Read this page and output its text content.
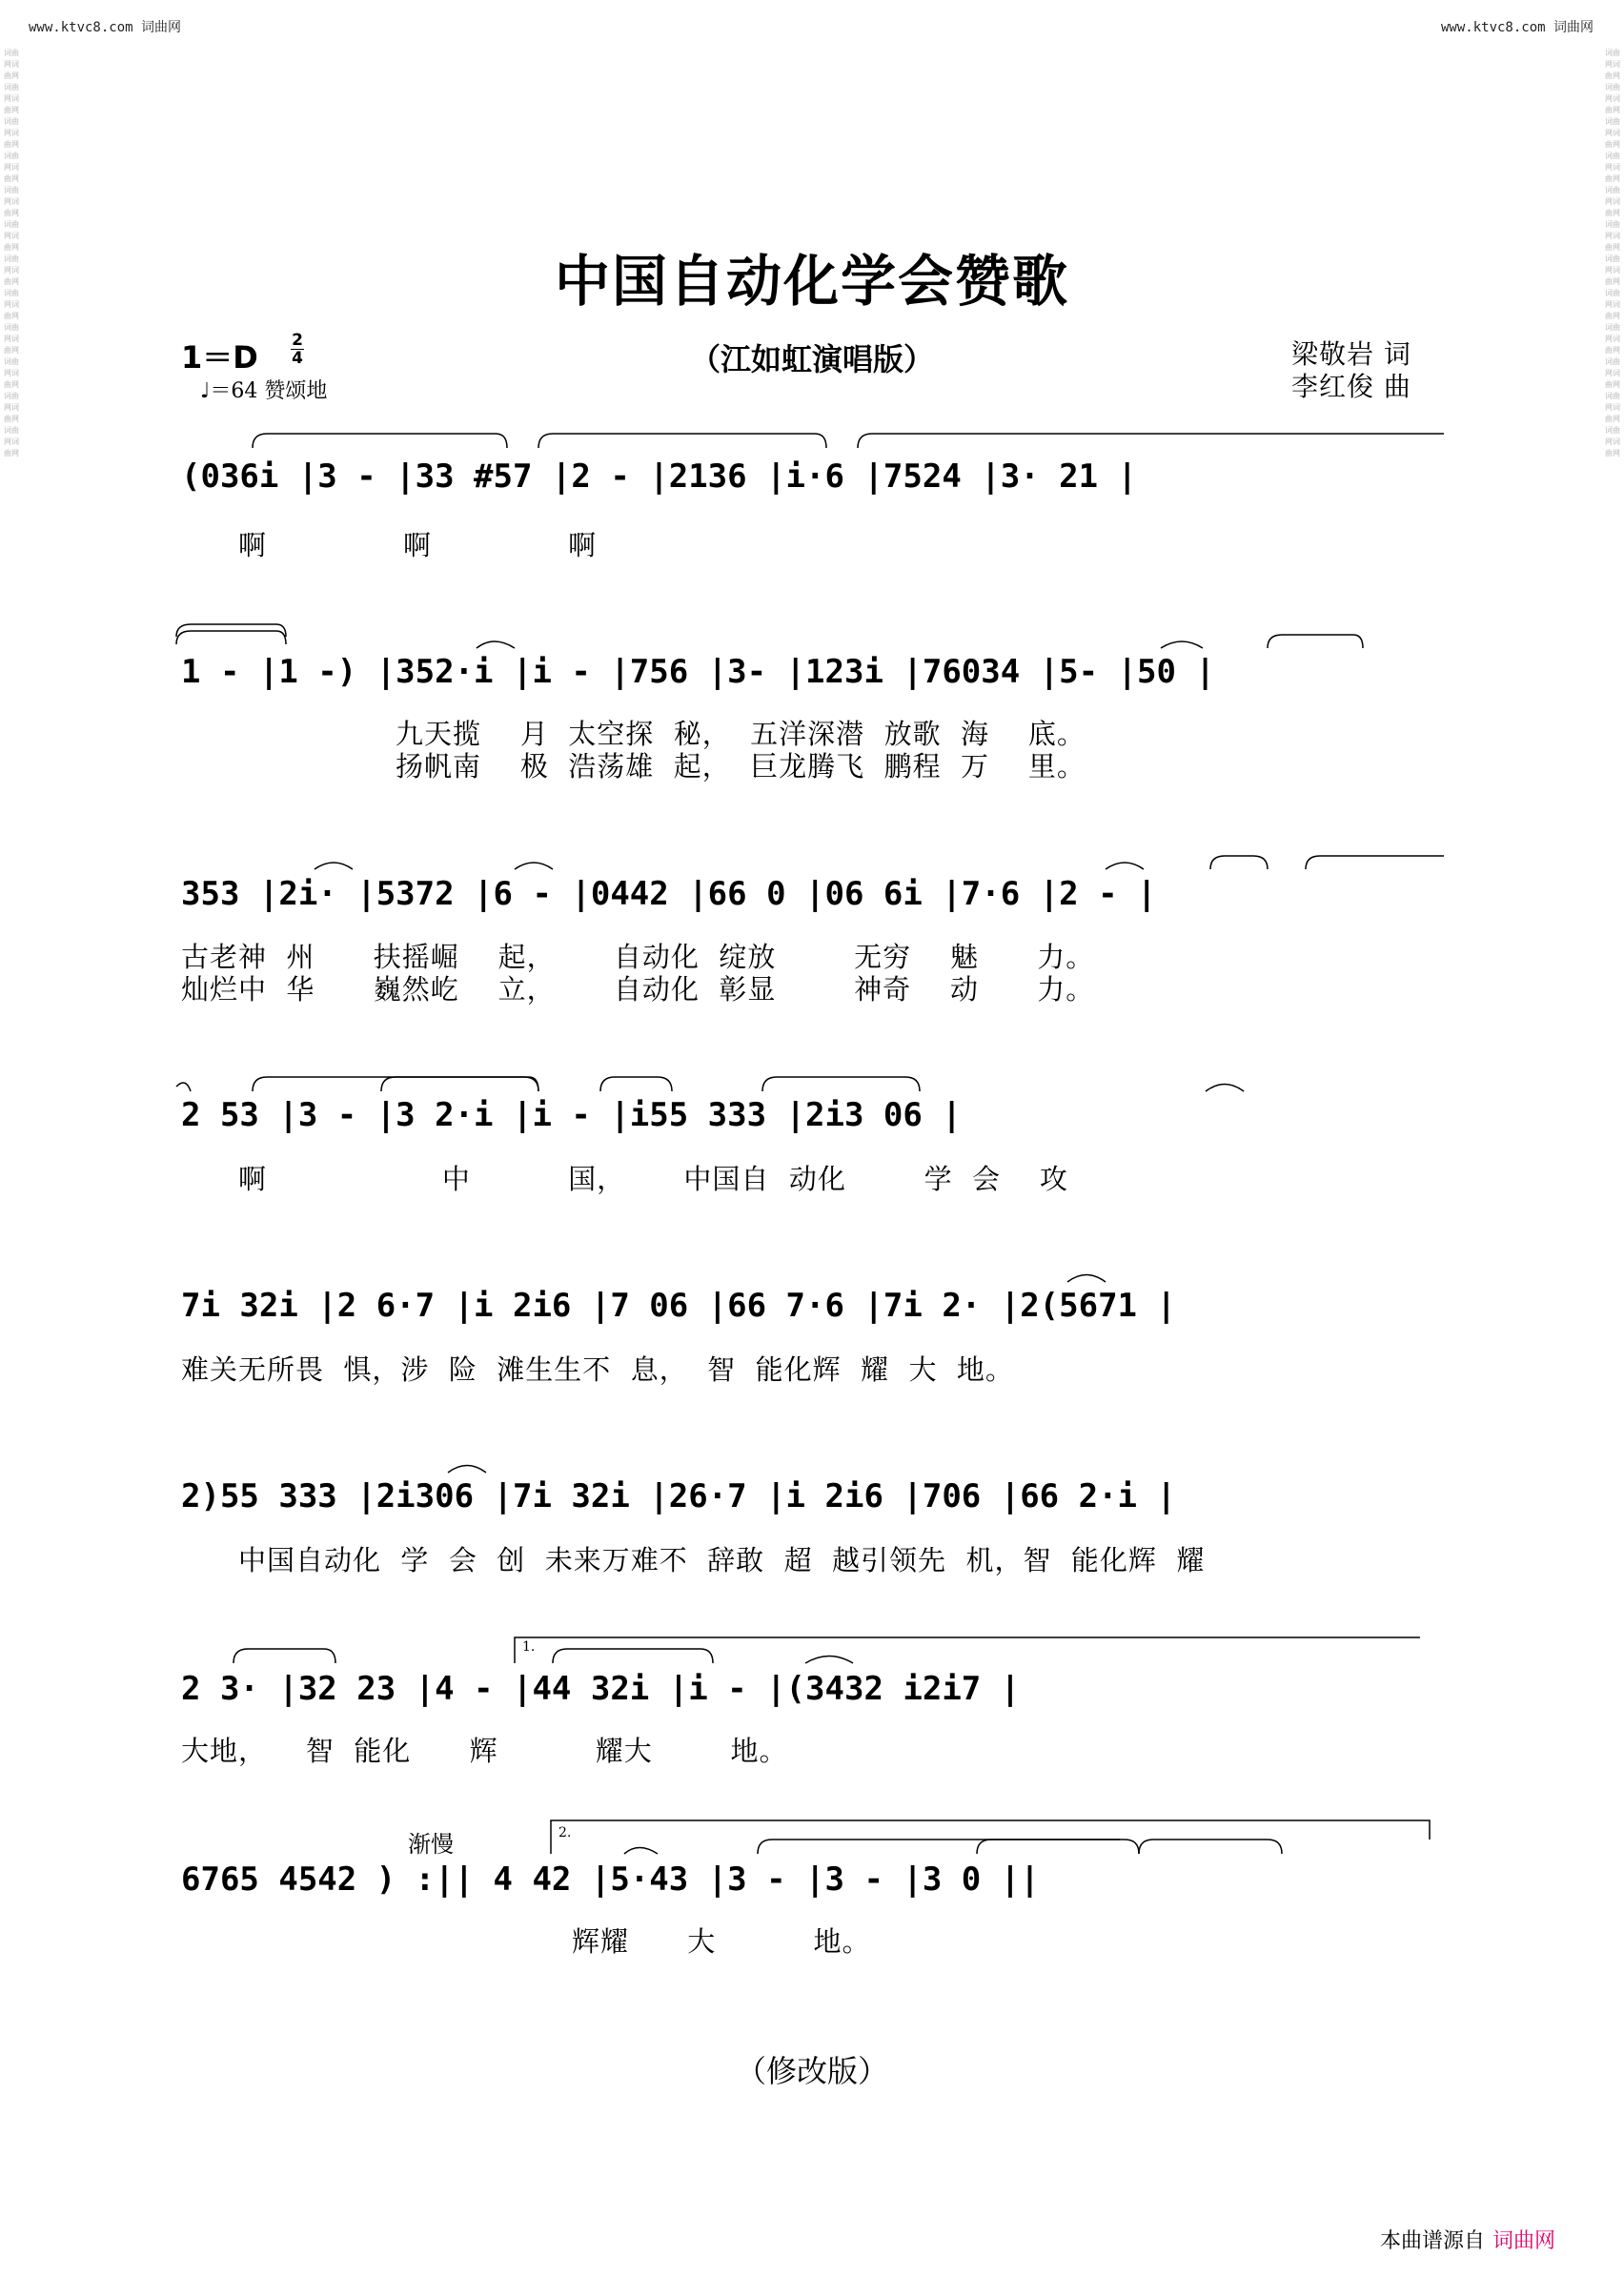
www.ktvc8.com 词曲网	www.ktvc8.com 词曲网
词曲网词曲网词曲网词曲网词曲网词曲网词曲网词曲网词曲网词曲网词曲网词曲网词曲网词曲网词曲网词曲网词曲网词曲网词曲网词曲网词曲网词曲网词曲网词曲网
词曲网词曲网词曲网词曲网词曲网词曲网词曲网词曲网词曲网词曲网词曲网词曲网词曲网词曲网词曲网词曲网词曲网词曲网词曲网词曲网词曲网词曲网词曲网词曲网
中国自动化学会赞歌
（江如虹演唱版）
1＝D 2
4
♩＝64 赞颂地
梁敬岩 词
李红俊 曲
(036i |3 - |33 #57 |2 - |2136 |i·6 |7524 |3· 21 |
啊              啊              啊
1 - |1 -) |352·i |i - |756 |3- |123i |76034 |5- |50 |
九天揽    月  太空探  秘，  五洋深潜  放歌  海    底。
扬帆南    极  浩荡雄  起，  巨龙腾飞  鹏程  万    里。
353 |2i· |5372 |6 - |0442 |66 0 |06 6i |7·6 |2 - |
古老神  州      扶摇崛    起，      自动化  绽放        无穷    魅      力。
灿烂中  华      巍然屹    立，      自动化  彰显        神奇    动      力。
2 53 |3 - |3 2·i |i - |i55 333 |2i3 06 |
啊                  中          国，      中国自  动化        学  会    攻
7i 32i |2 6·7 |i 2i6 |7 06 |66 7·6 |7i 2· |2(5671 |
难关无所畏  惧，涉  险  滩生生不  息，  智  能化辉  耀  大  地。
2)55 333 |2i306 |7i 32i |26·7 |i 2i6 |706 |66 2·i |
中国自动化  学  会  创  未来万难不  辞敢  超  越引领先  机，智  能化辉  耀
1.
2 3· |32 23 |4 - |44 32i |i - |(3432 i2i7 |
大地，    智  能化      辉          耀大        地。
2.
渐慢
6765 4542 ) :|| 4 42 |5·43 |3 - |3 - |3 0 ||
辉耀      大          地。
（修改版）
本曲谱源自 词曲网
